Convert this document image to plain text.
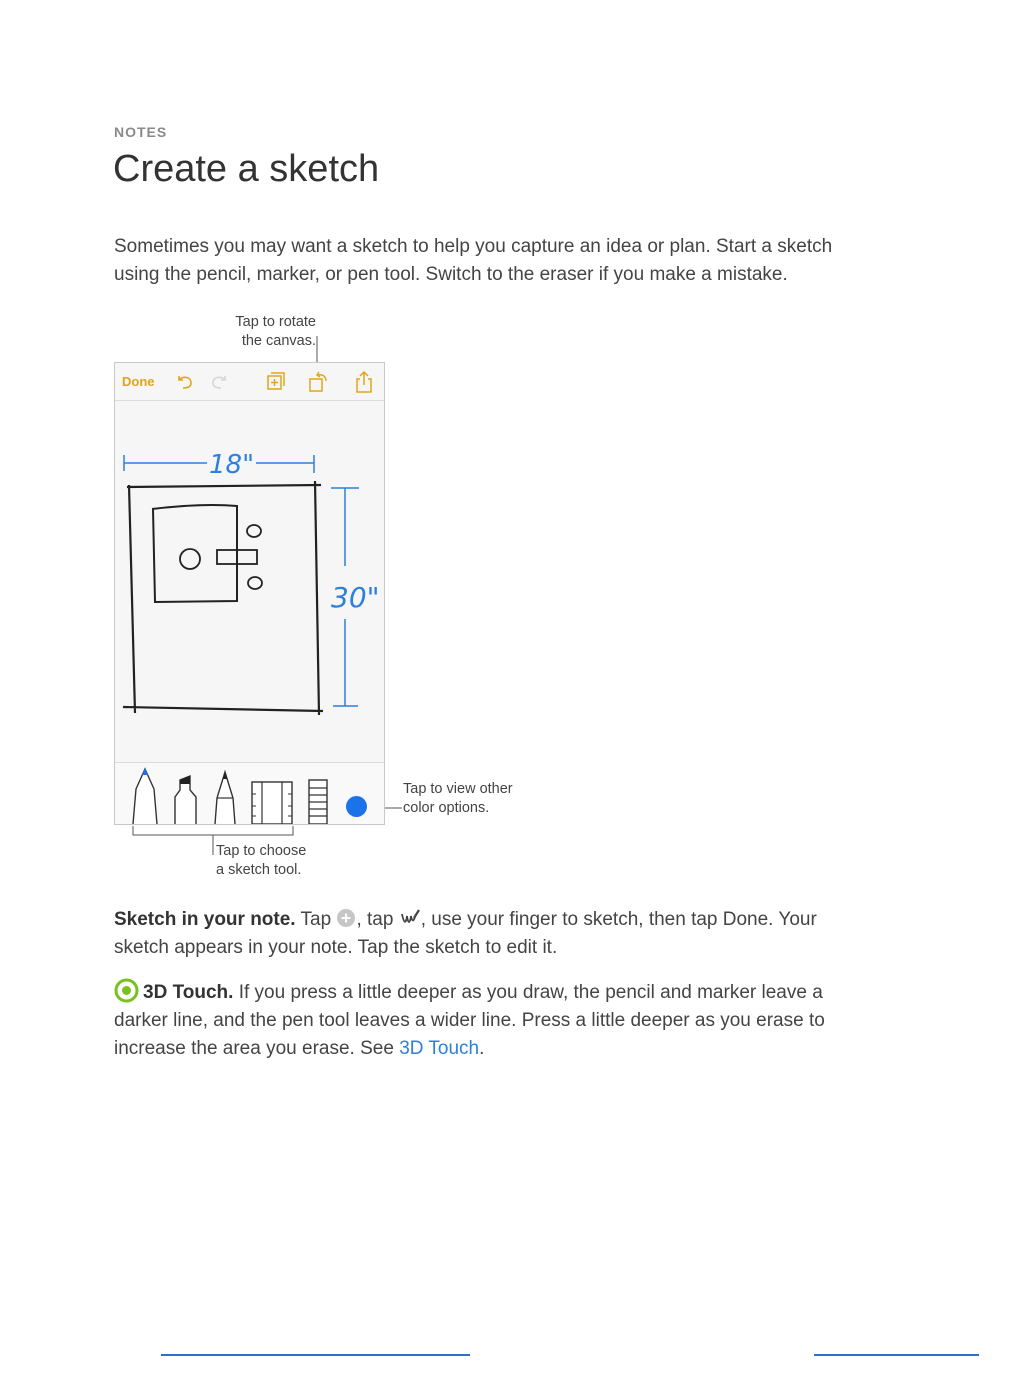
NOTES
Create a sketch

Sometimes you may want a sketch to help you capture an idea or plan. Start a sketch
using the pencil, marker, or pen tool. Switch to the eraser if you make a mistake.

Tap to rotate
the canvas.
Tap to view other
color options.
Tap to choose
a sketch tool.
Done
18"
30"

Sketch in your note. Tap , tap , use your finger to sketch, then tap Done. Your
sketch appears in your note. Tap the sketch to edit it.

3D Touch. If you press a little deeper as you draw, the pencil and marker leave a
darker line, and the pen tool leaves a wider line. Press a little deeper as you erase to
increase the area you erase. See 3D Touch.
